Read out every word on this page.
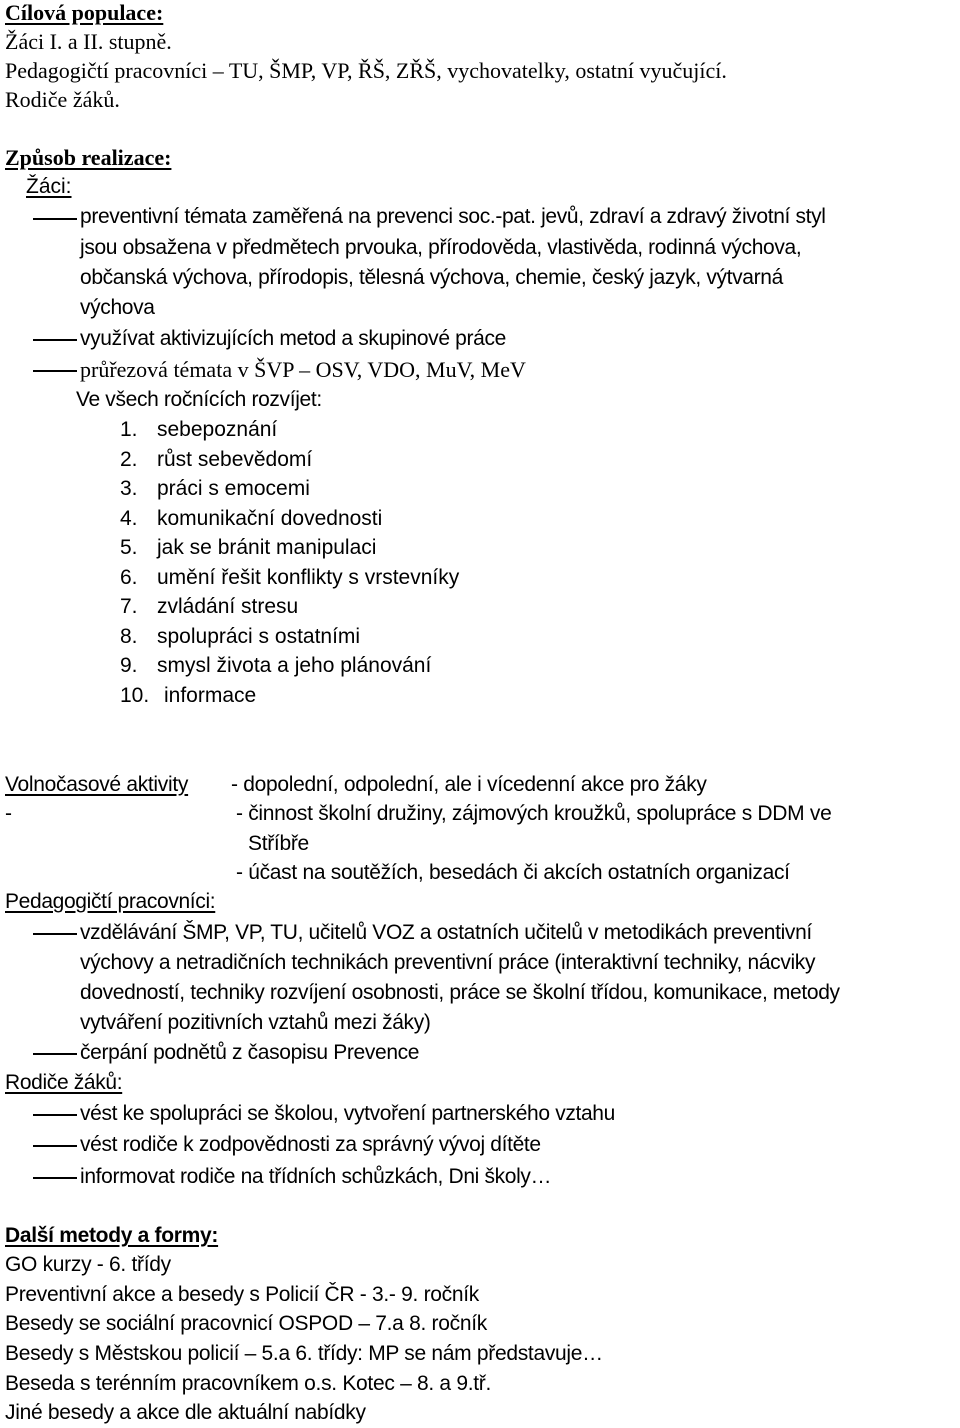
Cílová populace:
Žáci I. a II. stupně.
Pedagogičtí pracovníci – TU, ŠMP, VP, ŘŠ, ZŘŠ, vychovatelky, ostatní vyučující.
Rodiče žáků.
Způsob realizace:
Žáci:
preventivní témata zaměřená na prevenci soc.-pat. jevů, zdraví a zdravý životní styl
jsou obsažena v předmětech prvouka, přírodověda, vlastivěda, rodinná výchova,
občanská výchova, přírodopis, tělesná výchova, chemie, český jazyk, výtvarná
výchova
využívat aktivizujících metod a skupinové práce
průřezová témata v ŠVP – OSV, VDO, MuV, MeV
Ve všech ročnících rozvíjet:
1. sebepoznání
2. růst sebevědomí
3. práci s emocemi
4. komunikační dovednosti
5. jak se bránit manipulaci
6. umění řešit konflikty s vrstevníky
7. zvládání stresu
8. spolupráci s ostatními
9. smysl života a jeho plánování
10. informace
Volnočasové aktivity - dopolední, odpolední, ale i vícedenní akce pro žáky
-	- činnost školní družiny, zájmových kroužků, spolupráce s DDM ve
Stříbře
- účast na soutěžích, besedách či akcích ostatních organizací
Pedagogičtí pracovníci:
vzdělávání ŠMP, VP, TU, učitelů VOZ a ostatních učitelů v metodikách preventivní
výchovy a netradičních technikách preventivní práce (interaktivní techniky, nácviky
dovedností, techniky rozvíjení osobnosti, práce se školní třídou, komunikace, metody
vytváření pozitivních vztahů mezi žáky)
čerpání podnětů z časopisu Prevence
Rodiče žáků:
vést ke spolupráci se školou, vytvoření partnerského vztahu
vést rodiče k zodpovědnosti za správný vývoj dítěte
informovat rodiče na třídních schůzkách, Dni školy…
Další metody a formy:
GO kurzy - 6. třídy
Preventivní akce a besedy s Policií ČR - 3.- 9. ročník
Besedy se sociální pracovnicí OSPOD – 7.a 8. ročník
Besedy s Městskou policií – 5.a 6. třídy: MP se nám představuje…
Beseda s terénním pracovníkem o.s. Kotec – 8. a 9.tř.
Jiné besedy a akce dle aktuální nabídky
